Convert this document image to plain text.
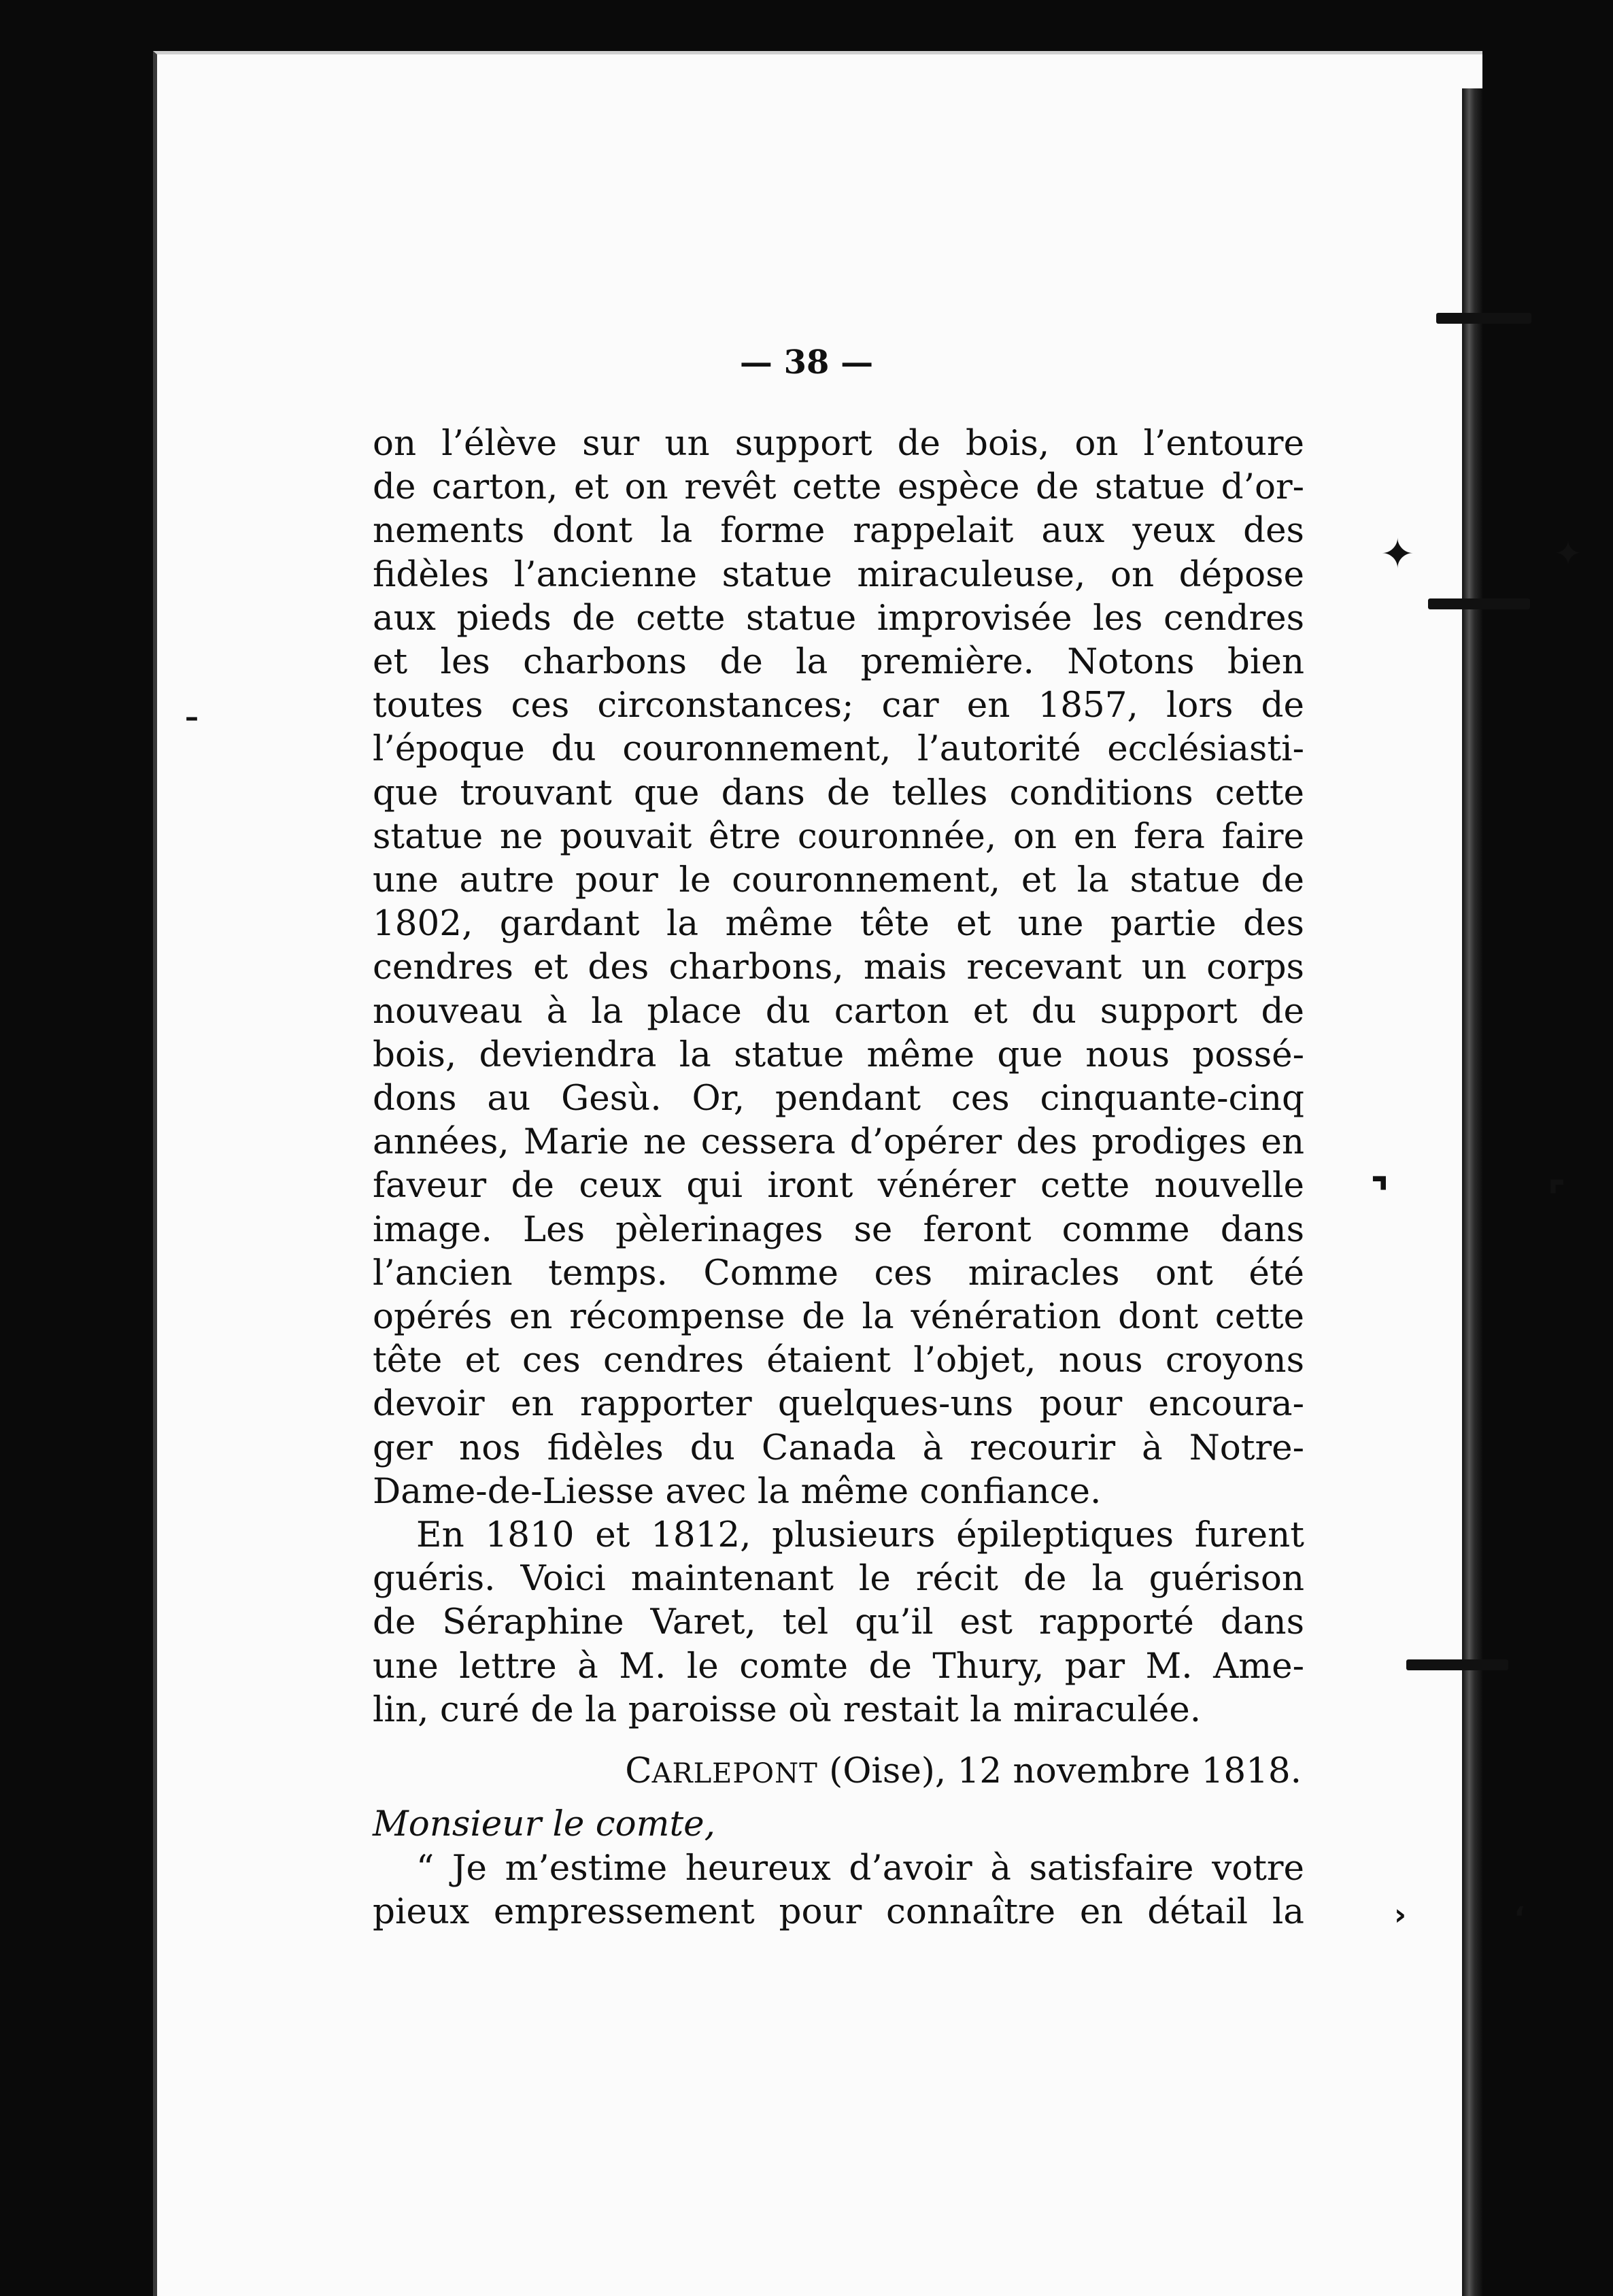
✦	✦
⌝	⌜
›	‘
–
— 38 —
on l’élève sur un support de bois, on l’entoure
de carton, et on revêt cette espèce de statue d’or-
nements dont la forme rappelait aux yeux des
fidèles l’ancienne statue miraculeuse, on dépose
aux pieds de cette statue improvisée les cendres
et les charbons de la première. Notons bien
toutes ces circonstances; car en 1857, lors de
l’époque du couronnement, l’autorité ecclésiasti-
que trouvant que dans de telles conditions cette
statue ne pouvait être couronnée, on en fera faire
une autre pour le couronnement, et la statue de
1802, gardant la même tête et une partie des
cendres et des charbons, mais recevant un corps
nouveau à la place du carton et du support de
bois, deviendra la statue même que nous possé-
dons au Gesù. Or, pendant ces cinquante-cinq
années, Marie ne cessera d’opérer des prodiges en
faveur de ceux qui iront vénérer cette nouvelle
image. Les pèlerinages se feront comme dans
l’ancien temps. Comme ces miracles ont été
opérés en récompense de la vénération dont cette
tête et ces cendres étaient l’objet, nous croyons
devoir en rapporter quelques-uns pour encoura-
ger nos fidèles du Canada à recourir à Notre-
Dame-de-Liesse avec la même confiance.
En 1810 et 1812, plusieurs épileptiques furent
guéris. Voici maintenant le récit de la guérison
de Séraphine Varet, tel qu’il est rapporté dans
une lettre à M. le comte de Thury, par M. Ame-
lin, curé de la paroisse où restait la miraculée.
CARLEPONT (Oise), 12 novembre 1818.
Monsieur le comte,
“ Je m’estime heureux d’avoir à satisfaire votre
pieux empressement pour connaître en détail la
